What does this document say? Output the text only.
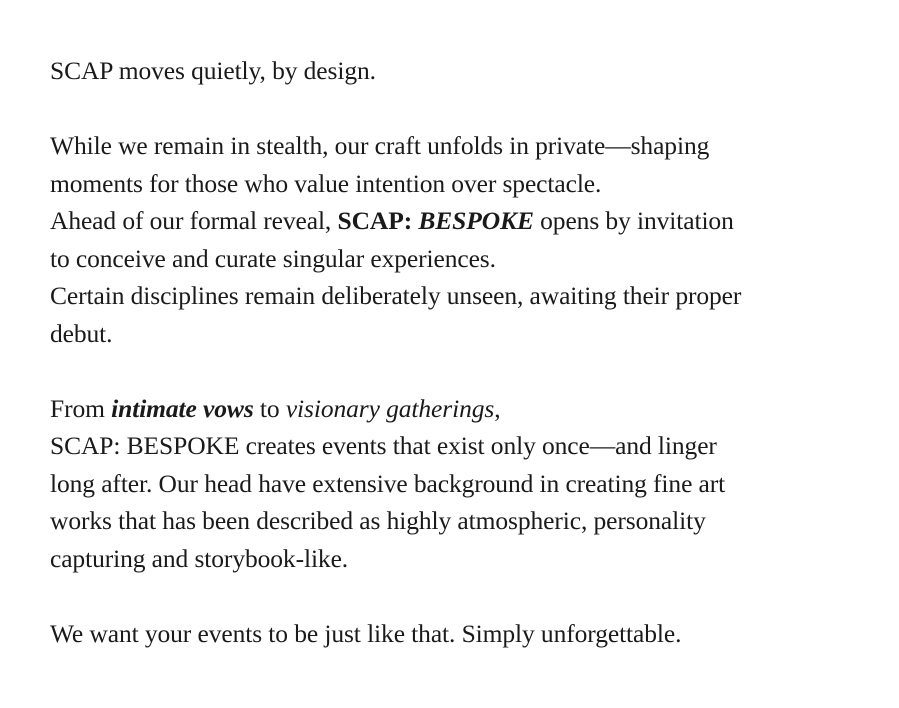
SCAP moves quietly, by design.

While we remain in stealth, our craft unfolds in private—shaping
moments for those who value intention over spectacle.
Ahead of our formal reveal, SCAP: BESPOKE opens by invitation
to conceive and curate singular experiences.
Certain disciplines remain deliberately unseen, awaiting their proper
debut.

From intimate vows to visionary gatherings,
SCAP: BESPOKE creates events that exist only once—and linger
long after. Our head have extensive background in creating fine art
works that has been described as highly atmospheric, personality
capturing and storybook-like.

We want your events to be just like that. Simply unforgettable.
